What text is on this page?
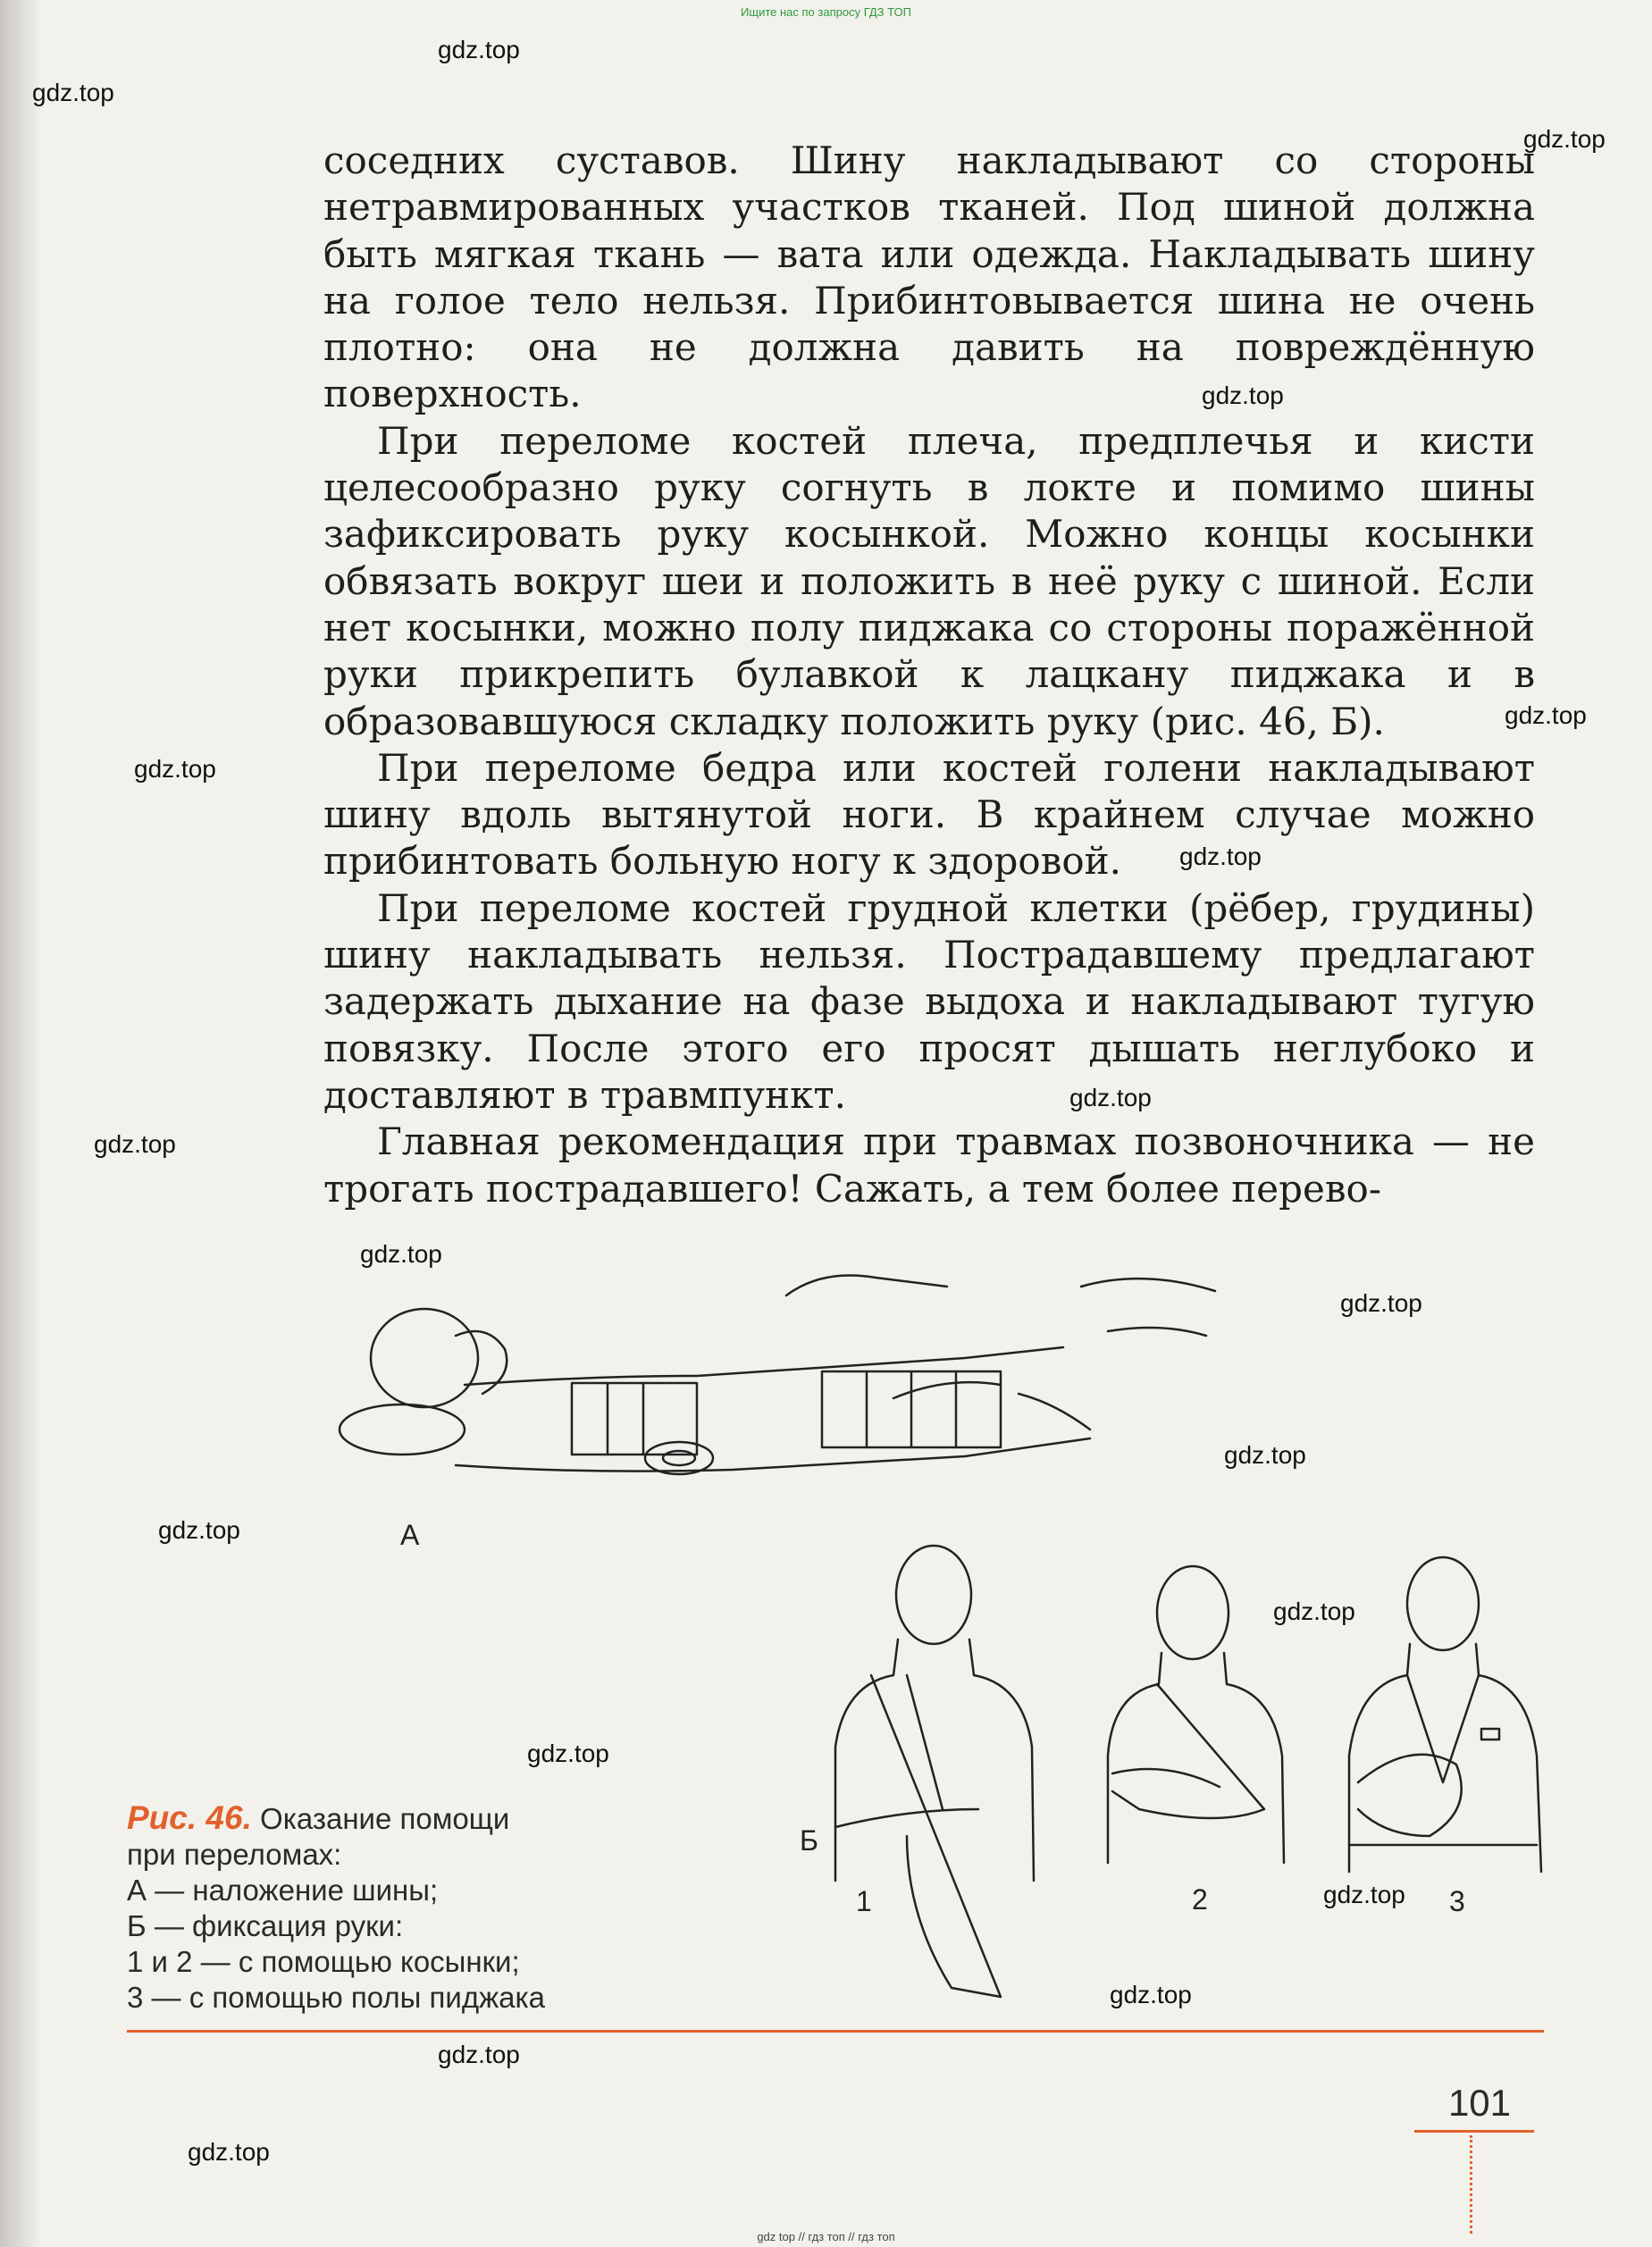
Ищите нас по запросу ГДЗ ТОП
gdz.top
gdz.top
gdz.top
gdz.top
gdz.top
gdz.top
gdz.top
gdz.top
gdz.top
gdz.top
gdz.top
gdz.top
gdz.top
gdz.top
gdz.top
gdz.top
gdz.top
gdz.top
gdz.top

соседних суставов. Шину накладывают со стороны нетравмированных участков тканей. Под шиной должна быть мягкая ткань — вата или одежда. Накладывать шину на голое тело нельзя. Прибинтовывается шина не очень плотно: она не должна давить на повреждённую поверхность.

При переломе костей плеча, предплечья и кисти целесообразно руку согнуть в локте и помимо шины зафиксировать руку косынкой. Можно концы косынки обвязать вокруг шеи и положить в неё руку с шиной. Если нет косынки, можно полу пиджака со стороны поражённой руки прикрепить булавкой к лацкану пиджака и в образовавшуюся складку положить руку (рис. 46, Б).

При переломе бедра или костей голени накладывают шину вдоль вытянутой ноги. В крайнем случае можно прибинтовать больную ногу к здоровой.

При переломе костей грудной клетки (рёбер, грудины) шину накладывать нельзя. Пострадавшему предлагают задержать дыхание на фазе выдоха и накладывают тугую повязку. После этого его просят дышать неглубоко и доставляют в травмпункт.

Главная рекомендация при травмах позвоночника — не трогать пострадавшего! Сажать, а тем более перево-

А
Б
1	2	3
Рис. 46. Оказание помощи
при переломах:
А — наложение шины;
Б — фиксация руки:
1 и 2 — с помощью косынки;
3 — с помощью полы пиджака
101
gdz top // гдз топ // гдз топ
